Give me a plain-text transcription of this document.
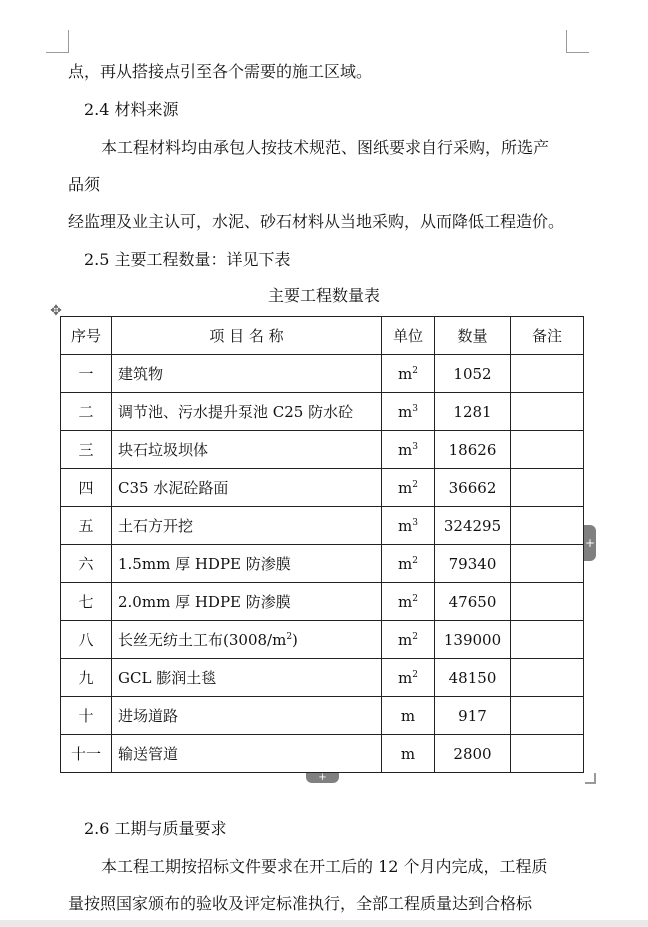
点，再从搭接点引至各个需要的施工区域。
2.4 材料来源
本工程材料均由承包人按技术规范、图纸要求自行采购，所选产
品须
经监理及业主认可，水泥、砂石材料从当地采购，从而降低工程造价。
2.5 主要工程数量：详见下表
主要工程数量表
✥
序号	项 目 名 称	单位	数量	备注
一	建筑物	$m^2$	1052	
二	调节池、污水提升泵池 C25 防水砼	$m^3$	1281	
三	块石垃圾坝体	$m^3$	18626	
四	C35 水泥砼路面	$m^2$	36662	
五	土石方开挖	$m^3$	324295	
六	1.5mm 厚 HDPE 防渗膜	$m^2$	79340	
七	2.0mm 厚 HDPE 防渗膜	$m^2$	47650	
八	长丝无纺土工布$(3008/m^2)$	$m^2$	139000	
九	GCL 膨润土毯	$m^2$	48150	
十	进场道路	m	917	
十一	输送管道	m	2800	
+
+
2.6 工期与质量要求
本工程工期按招标文件要求在开工后的 12 个月内完成，工程质
量按照国家颁布的验收及评定标准执行，全部工程质量达到合格标
